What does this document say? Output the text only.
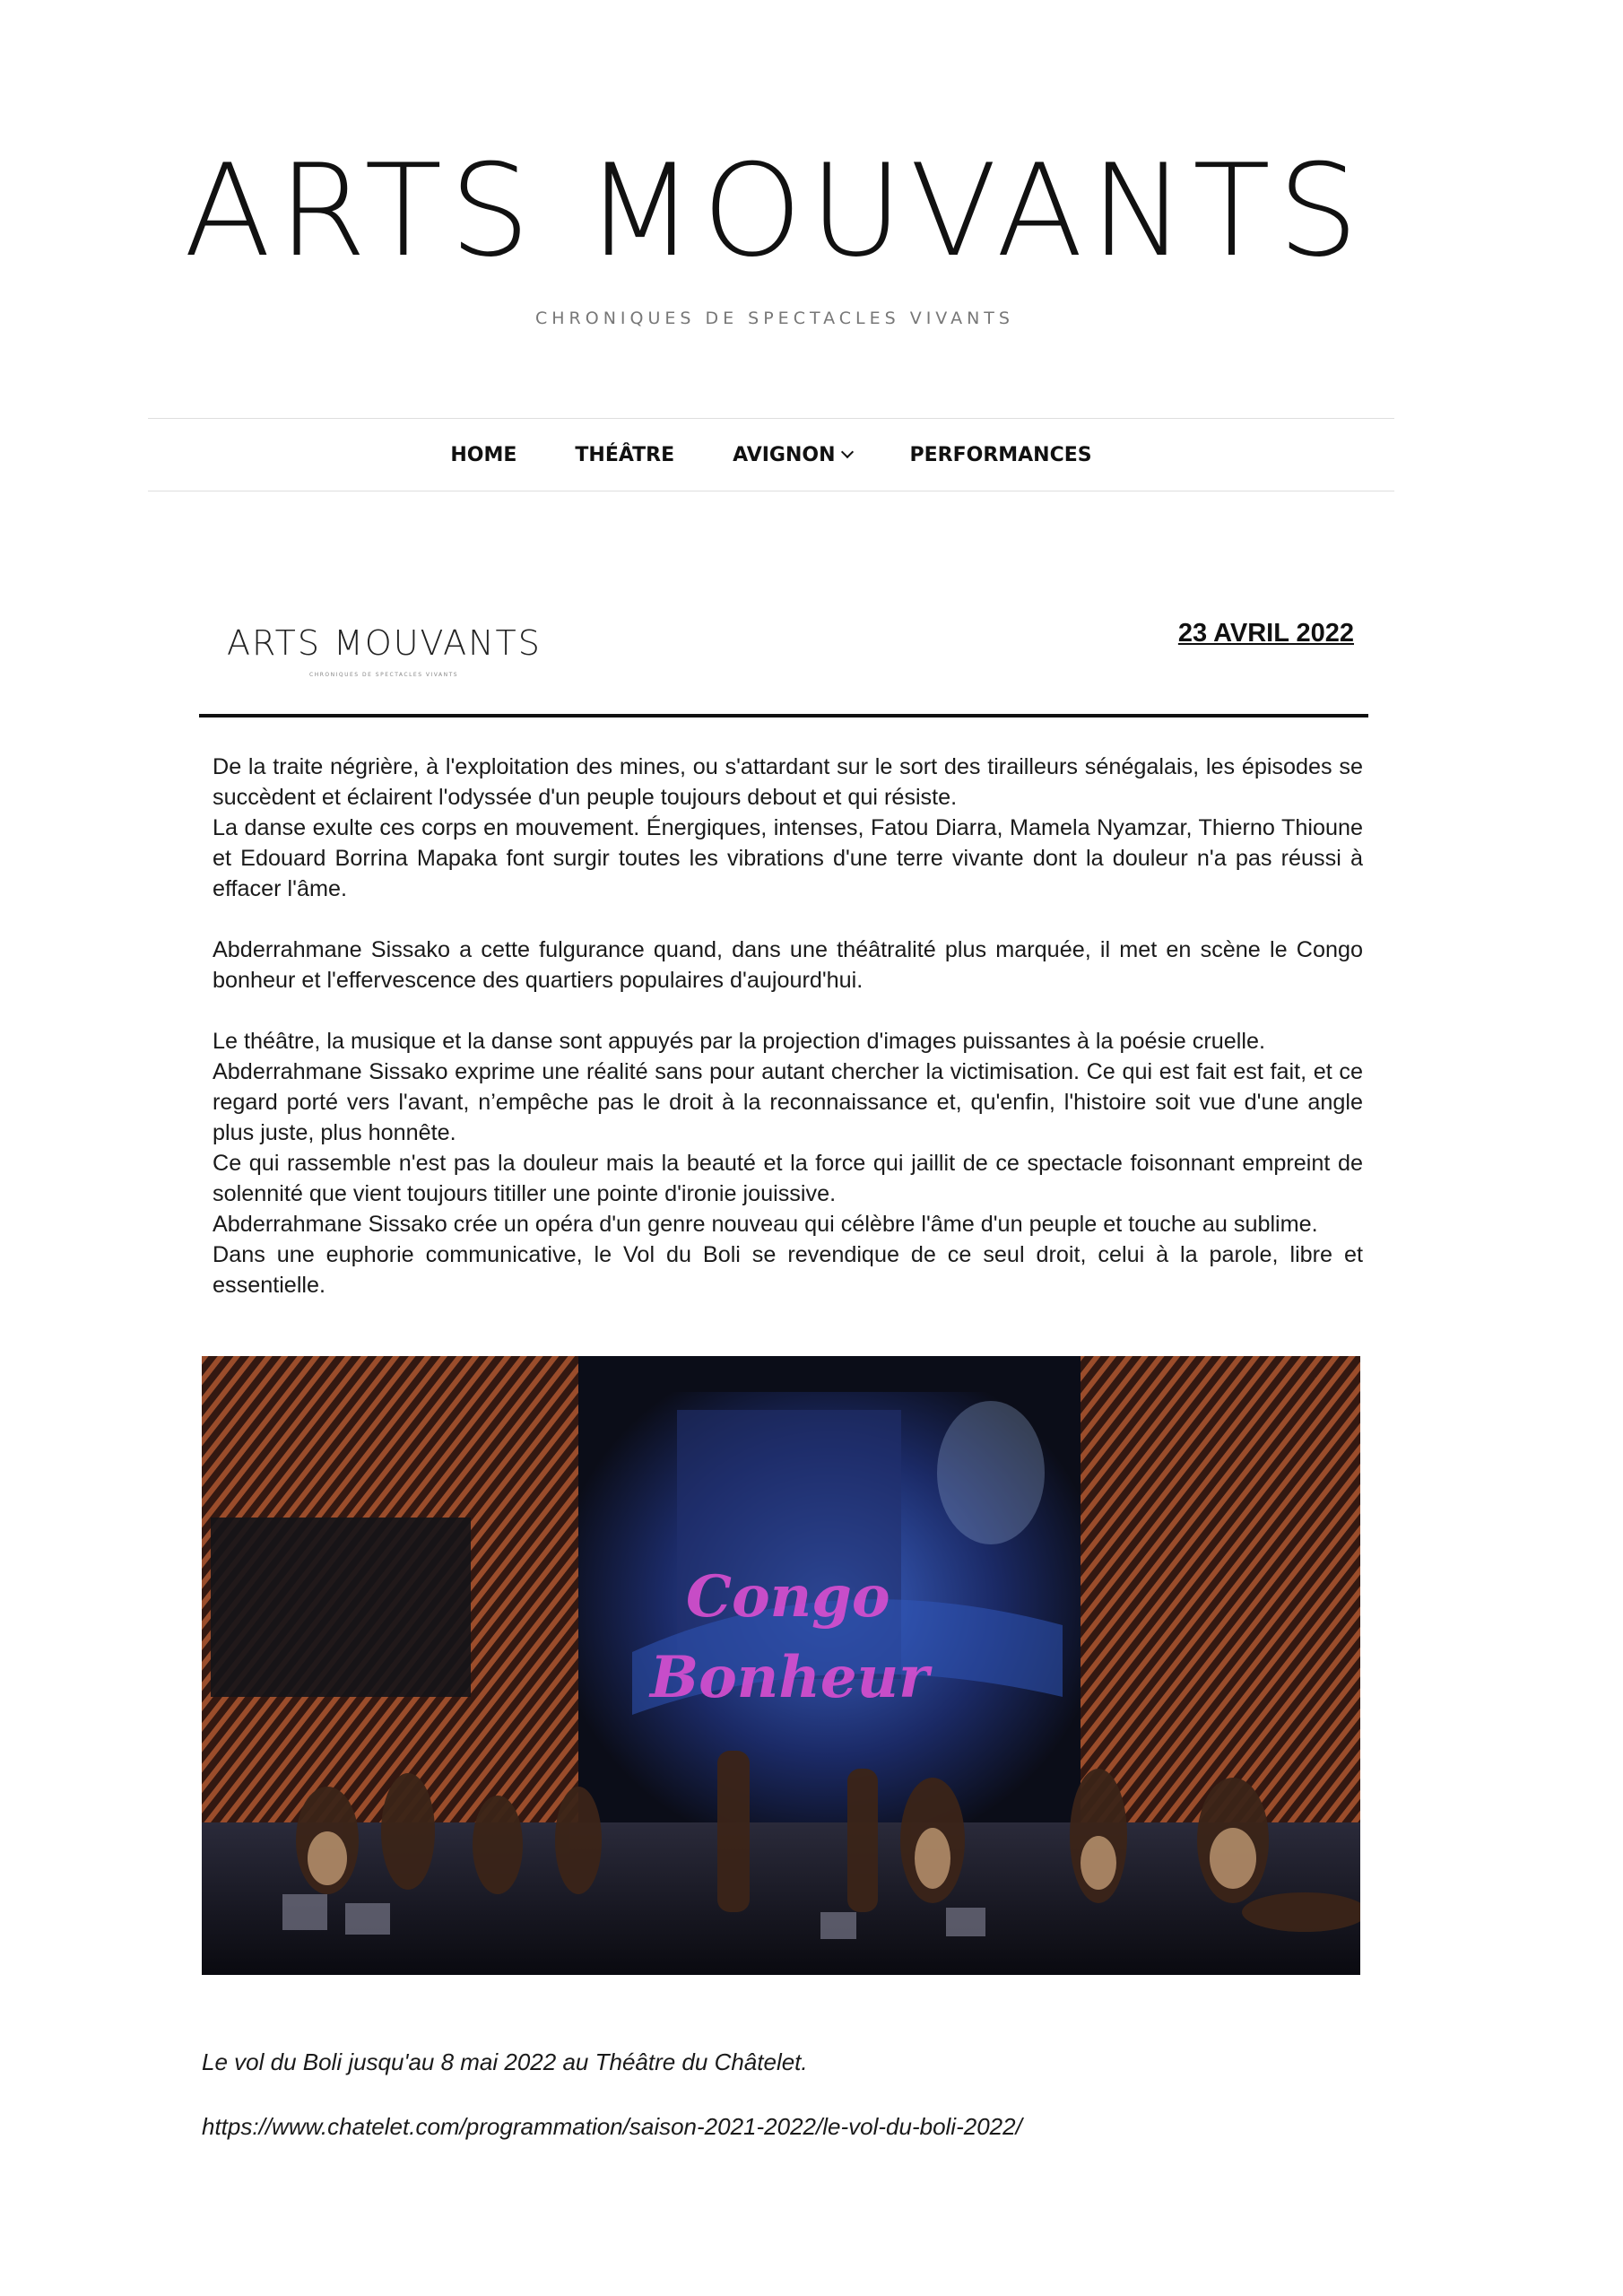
ARTS MOUVANTS
CHRONIQUES DE SPECTACLES VIVANTS
HOME	THÉÂTRE	AVIGNON	PERFORMANCES
ARTS MOUVANTS
CHRONIQUES DE SPECTACLES VIVANTS
23 AVRIL 2022

De la traite négrière, à l'exploitation des mines, ou s'attardant sur le sort des tirailleurs sénégalais, les épisodes se succèdent et éclairent l'odyssée d'un peuple toujours debout et qui résiste.

La danse exulte ces corps en mouvement. Énergiques, intenses, Fatou Diarra, Mamela Nyamzar, Thierno Thioune et Edouard Borrina Mapaka font surgir toutes les vibrations d'une terre vivante dont la douleur n'a pas réussi à effacer l'âme.

Abderrahmane Sissako a cette fulgurance quand, dans une théâtralité plus marquée, il met en scène le Congo bonheur et l'effervescence des quartiers populaires d'aujourd'hui.

Le théâtre, la musique et la danse sont appuyés par la projection d'images puissantes à la poésie cruelle.

Abderrahmane Sissako exprime une réalité sans pour autant chercher la victimisation. Ce qui est fait est fait, et ce regard porté vers l'avant, n’empêche pas le droit à la reconnaissance et, qu'enfin, l'histoire soit vue d'une angle plus juste, plus honnête.

Ce qui rassemble n'est pas la douleur mais la beauté et la force qui jaillit de ce spectacle foisonnant empreint de solennité que vient toujours titiller une pointe d'ironie jouissive.

Abderrahmane Sissako crée un opéra d'un genre nouveau qui célèbre l'âme d'un peuple et touche au sublime.

Dans une euphorie communicative, le Vol du Boli se revendique de ce seul droit, celui à la parole, libre et essentielle.

Congo
Bonheur
Le vol du Boli jusqu'au 8 mai 2022 au Théâtre du Châtelet.
https://www.chatelet.com/programmation/saison-2021-2022/le-vol-du-boli-2022/
